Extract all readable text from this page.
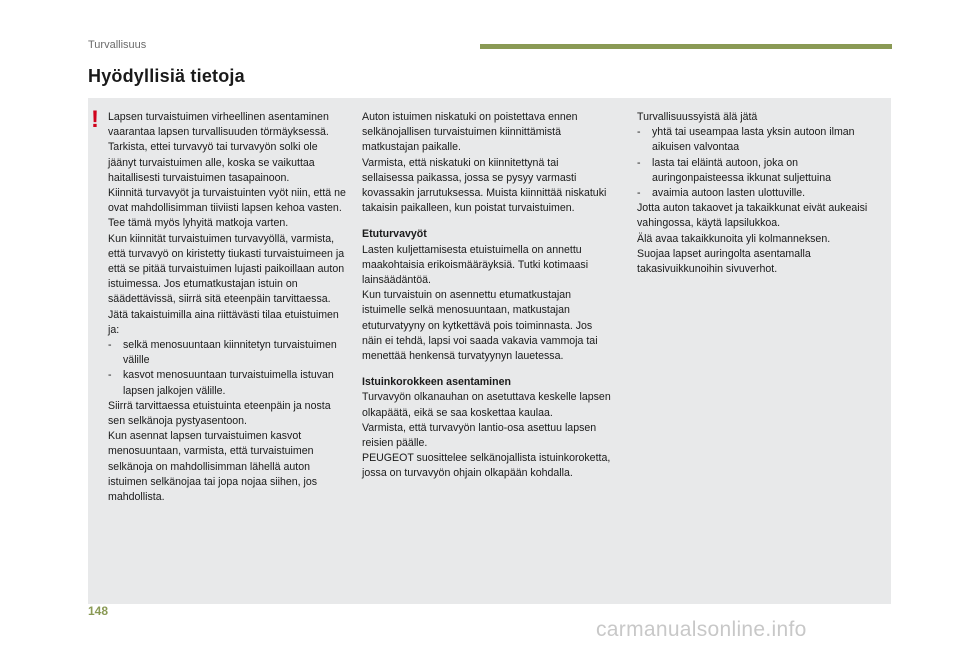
Turvallisuus
Hyödyllisiä tietoja
! Lapsen turvaistuimen virheellinen asentaminen vaarantaa lapsen turvallisuuden törmäyksessä.

Tarkista, ettei turvavyö tai turvavyön solki ole jäänyt turvaistuimen alle, koska se vaikuttaa haitallisesti turvaistuimen tasapainoon.

Kiinnitä turvavyöt ja turvaistuinten vyöt niin, että ne ovat mahdollisimman tiiviisti lapsen kehoa vasten. Tee tämä myös lyhyitä matkoja varten.

Kun kiinnität turvaistuimen turvavyöllä, varmista, että turvavyö on kiristetty tiukasti turvaistuimeen ja että se pitää turvaistuimen lujasti paikoillaan auton istuimessa. Jos etumatkustajan istuin on säädettävissä, siirrä sitä eteenpäin tarvittaessa.

Jätä takaistuimilla aina riittävästi tilaa etuistuimen ja:

- selkä menosuuntaan kiinnitetyn turvaistuimen välille

- kasvot menosuuntaan turvaistuimella istuvan lapsen jalkojen välille.

Siirrä tarvittaessa etuistuinta eteenpäin ja nosta sen selkänoja pystyasentoon.

Kun asennat lapsen turvaistuimen kasvot menosuuntaan, varmista, että turvaistuimen selkänoja on mahdollisimman lähellä auton istuimen selkänojaa tai jopa nojaa siihen, jos mahdollista.

Auton istuimen niskatuki on poistettava ennen selkänojallisen turvaistuimen kiinnittämistä matkustajan paikalle.

Varmista, että niskatuki on kiinnitettynä tai sellaisessa paikassa, jossa se pysyy varmasti kovassakin jarrutuksessa. Muista kiinnittää niskatuki takaisin paikalleen, kun poistat turvaistuimen.

Etuturvavyöt

Lasten kuljettamisesta etuistuimella on annettu maakohtaisia erikoismääräyksiä. Tutki kotimaasi lainsäädäntöä.

Kun turvaistuin on asennettu etumatkustajan istuimelle selkä menosuuntaan, matkustajan etuturvatyyny on kytkettävä pois toiminnasta. Jos näin ei tehdä, lapsi voi saada vakavia vammoja tai menettää henkensä turvatyynyn lauetessa.

Istuinkorokkeen asentaminen

Turvavyön olkanauhan on asetuttava keskelle lapsen olkapäätä, eikä se saa koskettaa kaulaa.

Varmista, että turvavyön lantio-osa asettuu lapsen reisien päälle.

PEUGEOT suosittelee selkänojallista istuinkoroketta, jossa on turvavyön ohjain olkapään kohdalla.

Turvallisuussyistä älä jätä

- yhtä tai useampaa lasta yksin autoon ilman aikuisen valvontaa

- lasta tai eläintä autoon, joka on auringonpaisteessa ikkunat suljettuina

- avaimia autoon lasten ulottuville.

Jotta auton takaovet ja takaikkunat eivät aukeaisi vahingossa, käytä lapsilukkoa.

Älä avaa takaikkunoita yli kolmanneksen.

Suojaa lapset auringolta asentamalla takasivuikkunoihin sivuverhot.

148
carmanualsonline.info
